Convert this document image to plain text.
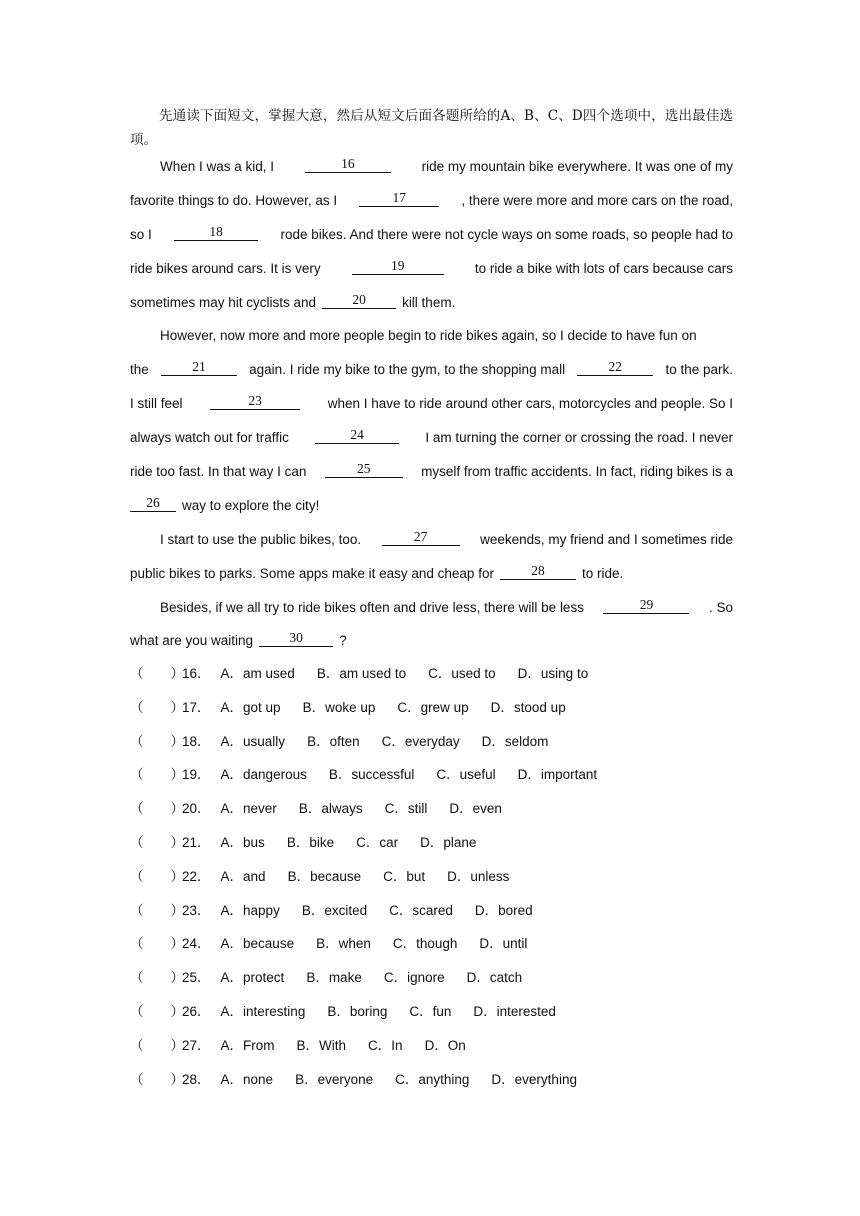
先通读下面短文，掌握大意，然后从短文后面各题所给的A、B、C、D四个选项中，选出最佳选项。
When I was a kid, I	16	ride my mountain bike everywhere. It was one of my
favorite things to do. However, as I	17	, there were more and more cars on the road,
so I	18	rode bikes. And there were not cycle ways on some roads, so people had to
ride bikes around cars. It is very	19	to ride a bike with lots of cars because cars
sometimes may hit cyclists and	20	kill them.
However, now more and more people begin to ride bikes again, so I decide to have fun on
the	21	again. I ride my bike to the gym, to the shopping mall	22	to the park.
I still feel	23	when I have to ride around other cars, motorcycles and people. So I
always watch out for traffic	24	I am turning the corner or crossing the road. I never
ride too fast. In that way I can	25	myself from traffic accidents. In fact, riding bikes is a
26	way to explore the city!
I start to use the public bikes, too.	27	weekends, my friend and I sometimes ride
public bikes to parks. Some apps make it easy and cheap for	28	to ride.
Besides, if we all try to ride bikes often and drive less, there will be less	29	. So
what are you waiting	30	?
（　　）
16． A．am used B．am used to C．used to D．using to
（　　）
17． A．got up B．woke up C．grew up D．stood up
（　　）
18． A．usually B．often C．everyday D．seldom
（　　）
19． A．dangerous B．successful C．useful D．important
（　　）
20． A．never B．always C．still D．even
（　　）
21． A．bus B．bike C．car D．plane
（　　）
22． A．and B．because C．but D．unless
（　　）
23． A．happy B．excited C．scared D．bored
（　　）
24． A．because B．when C．though D．until
（　　）
25． A．protect B．make C．ignore D．catch
（　　）
26． A．interesting B．boring C．fun D．interested
（　　）
27． A．From B．With C．In D．On
（　　）
28． A．none B．everyone C．anything D．everything
